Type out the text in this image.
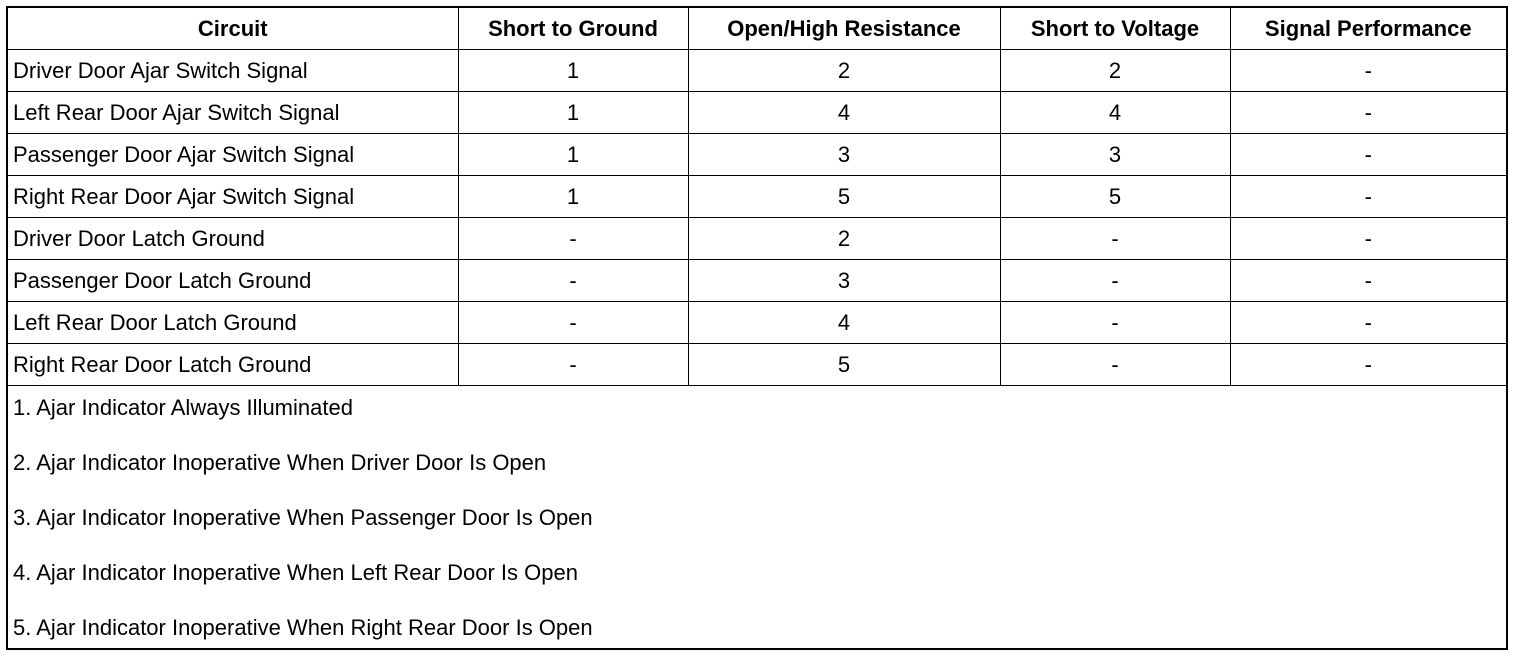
Circuit	Short to Ground	Open/High Resistance	Short to Voltage	Signal Performance
Driver Door Ajar Switch Signal	1	2	2	-
Left Rear Door Ajar Switch Signal	1	4	4	-
Passenger Door Ajar Switch Signal	1	3	3	-
Right Rear Door Ajar Switch Signal	1	5	5	-
Driver Door Latch Ground	-	2	-	-
Passenger Door Latch Ground	-	3	-	-
Left Rear Door Latch Ground	-	4	-	-
Right Rear Door Latch Ground	-	5	-	-
1. Ajar Indicator Always Illuminated
2. Ajar Indicator Inoperative When Driver Door Is Open
3. Ajar Indicator Inoperative When Passenger Door Is Open
4. Ajar Indicator Inoperative When Left Rear Door Is Open
5. Ajar Indicator Inoperative When Right Rear Door Is Open
